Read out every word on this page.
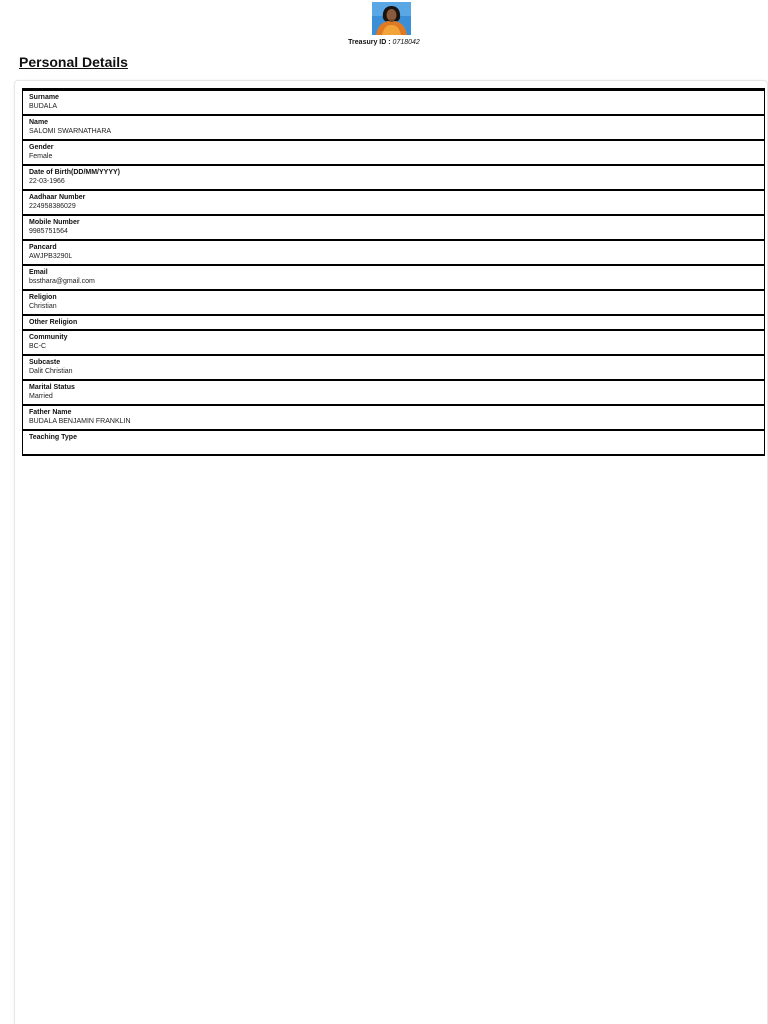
Treasury ID : 0718042
Personal Details
Surname
BUDALA

Name
SALOMI SWARNATHARA

Gender
Female

Date of Birth(DD/MM/YYYY)
22-03-1966

Aadhaar Number
224958386029

Mobile Number
9985751564

Pancard
AWJPB3290L

Email
bssthara@gmail.com

Religion
Christian

Other Religion

Community
BC-C

Subcaste
Dalit Christian

Marital Status
Married

Father Name
BUDALA BENJAMIN FRANKLIN

Teaching Type
